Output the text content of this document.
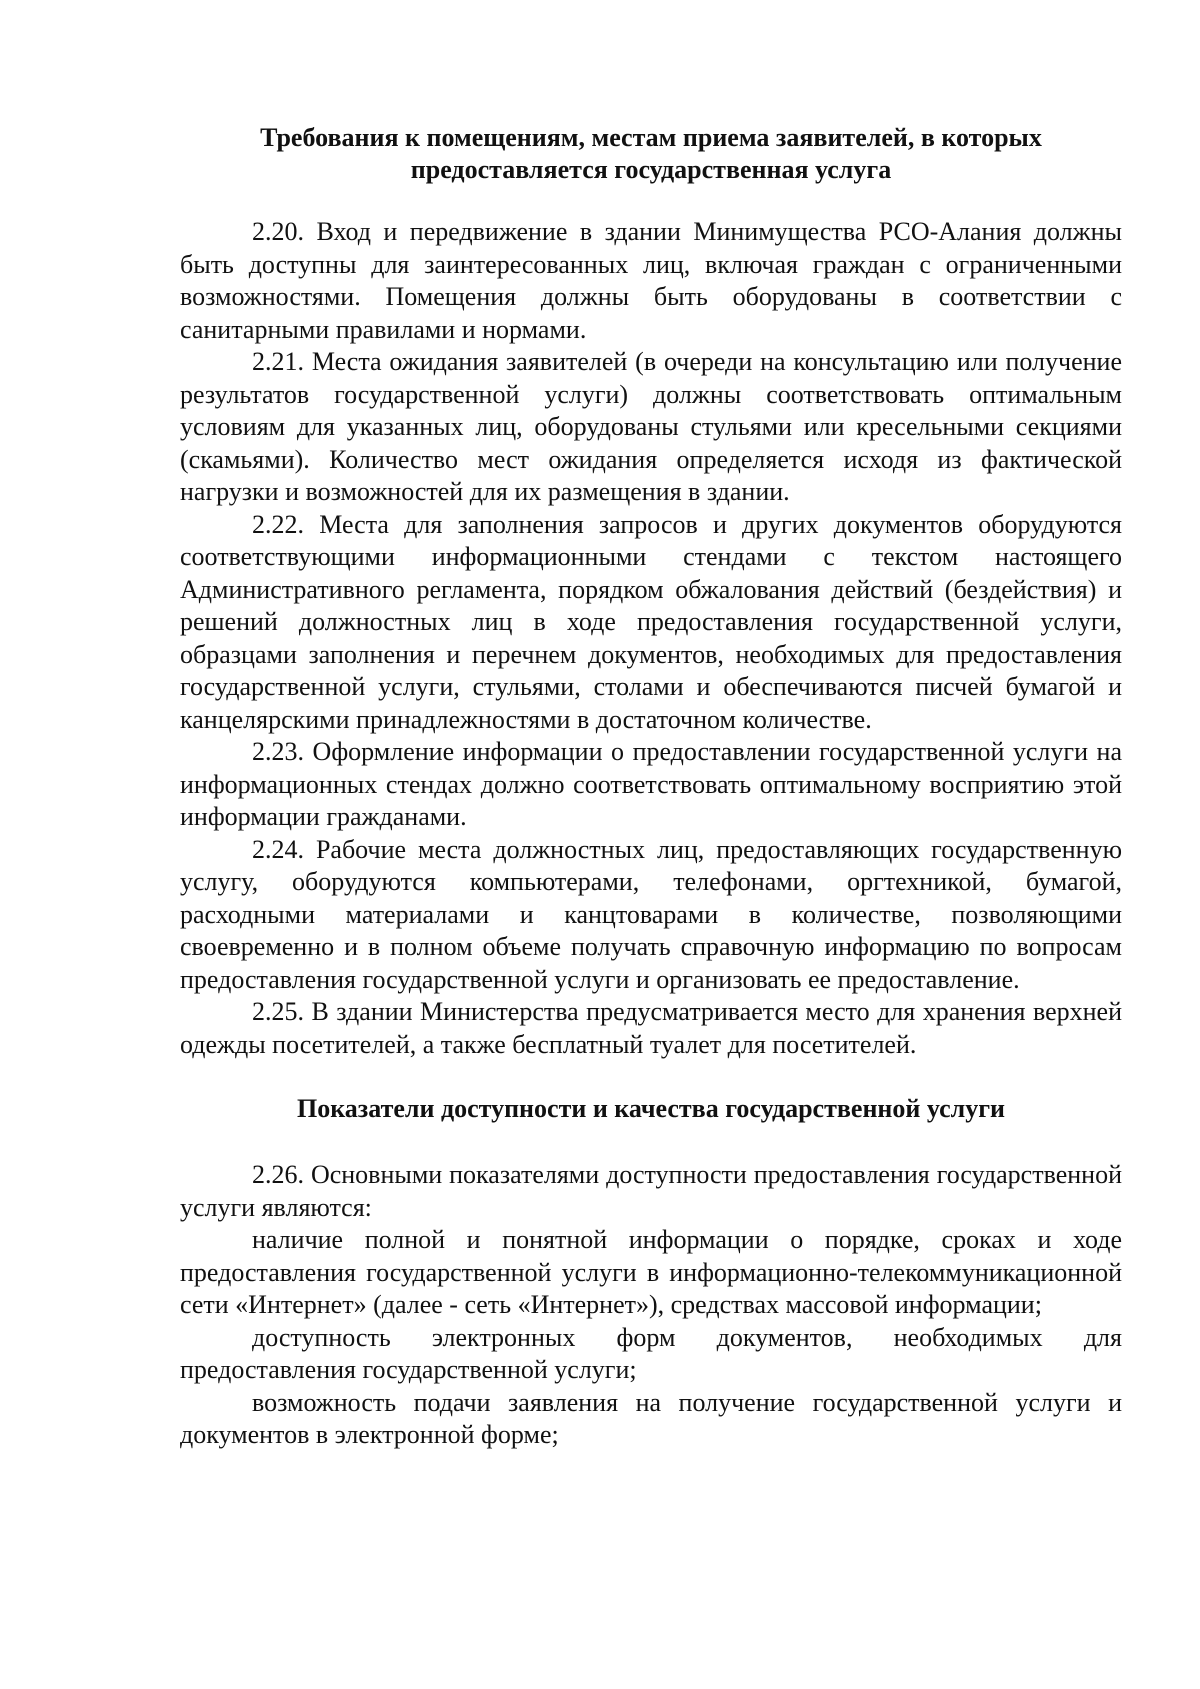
Требования к помещениям, местам приема заявителей, в которых предоставляется государственная услуга
2.20. Вход и передвижение в здании Минимущества РСО-Алания должны быть доступны для заинтересованных лиц, включая граждан с ограниченными возможностями. Помещения должны быть оборудованы в соответствии с санитарными правилами и нормами.
2.21. Места ожидания заявителей (в очереди на консультацию или получение результатов государственной услуги) должны соответствовать оптимальным условиям для указанных лиц, оборудованы стульями или кресельными секциями (скамьями). Количество мест ожидания определяется исходя из фактической нагрузки и возможностей для их размещения в здании.
2.22. Места для заполнения запросов и других документов оборудуются соответствующими информационными стендами с текстом настоящего Административного регламента, порядком обжалования действий (бездействия) и решений должностных лиц в ходе предоставления государственной услуги, образцами заполнения и перечнем документов, необходимых для предоставления государственной услуги, стульями, столами и обеспечиваются писчей бумагой и канцелярскими принадлежностями в достаточном количестве.
2.23. Оформление информации о предоставлении государственной услуги на информационных стендах должно соответствовать оптимальному восприятию этой информации гражданами.
2.24. Рабочие места должностных лиц, предоставляющих государственную услугу, оборудуются компьютерами, телефонами, оргтехникой, бумагой, расходными материалами и канцтоварами в количестве, позволяющими своевременно и в полном объеме получать справочную информацию по вопросам предоставления государственной услуги и организовать ее предоставление.
2.25. В здании Министерства предусматривается место для хранения верхней одежды посетителей, а также бесплатный туалет для посетителей.
Показатели доступности и качества государственной услуги
2.26. Основными показателями доступности предоставления государственной услуги являются:
наличие полной и понятной информации о порядке, сроках и ходе предоставления государственной услуги в информационно-телекоммуникационной сети «Интернет» (далее - сеть «Интернет»), средствах массовой информации;
доступность электронных форм документов, необходимых для предоставления государственной услуги;
возможность подачи заявления на получение государственной услуги и документов в электронной форме;
